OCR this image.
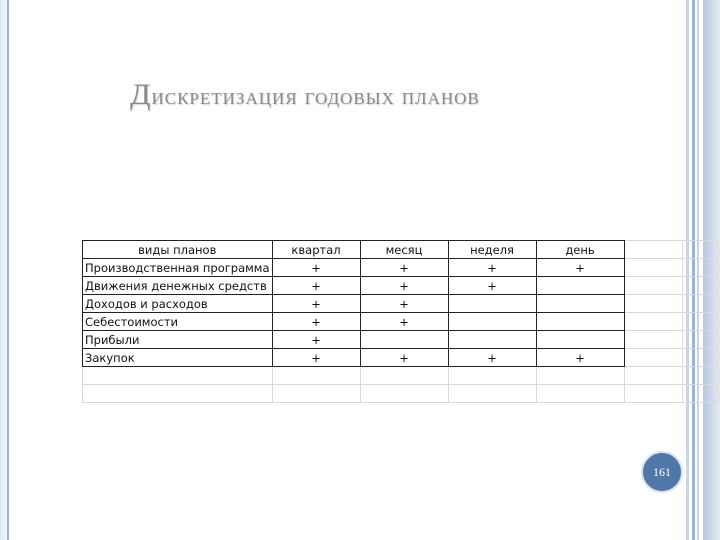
Дискретизация годовых планов
виды планов	квартал	месяц	неделя	день		
Производственная программа	+	+	+	+		
Движения денежных средств	+	+	+			
Доходов и расходов	+	+				
Себестоимости	+	+				
Прибыли	+					
Закупок	+	+	+	+		

161
